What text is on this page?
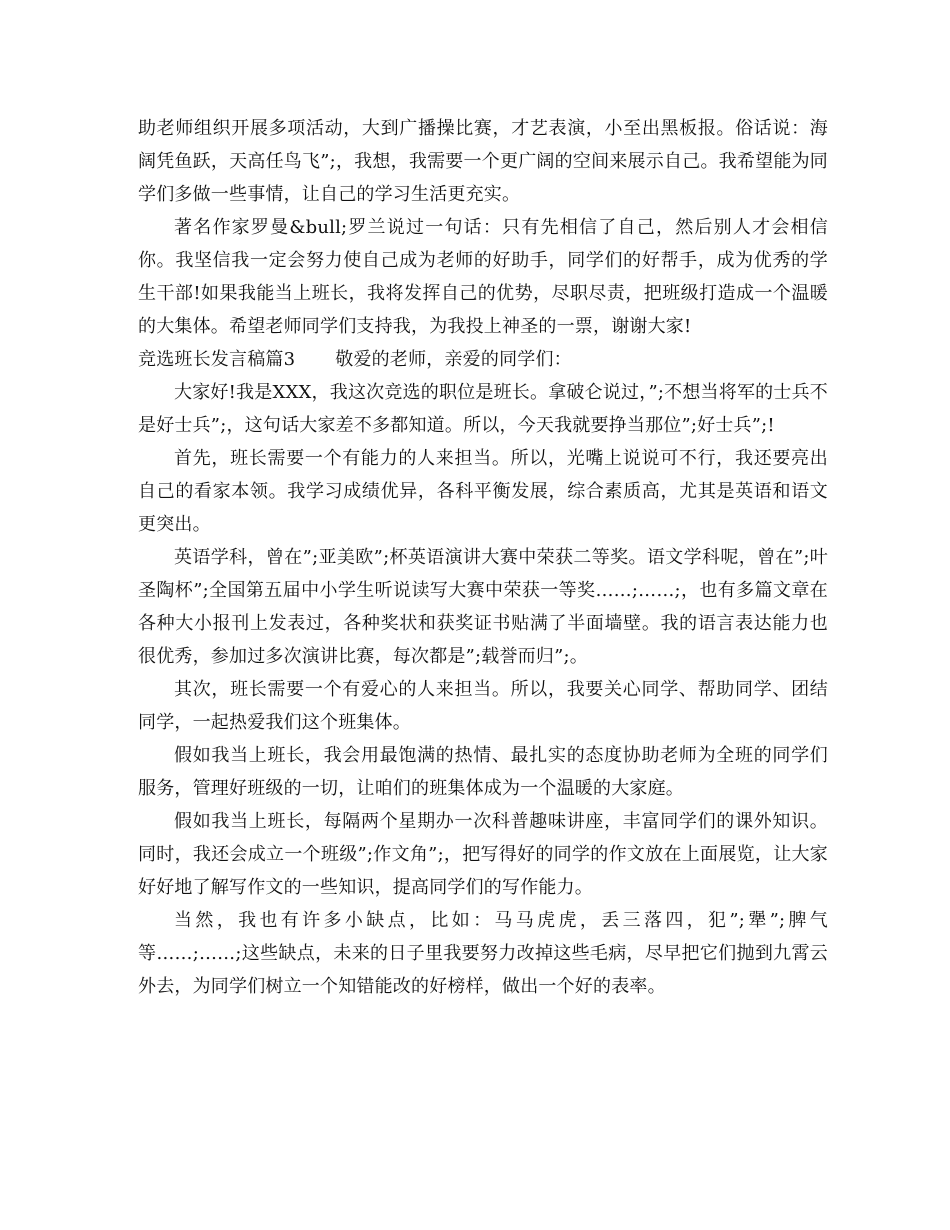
助老师组织开展多项活动，大到广播操比赛，才艺表演，小至出黑板报。俗话说：海阔凭鱼跃，天高任鸟飞”;，我想，我需要一个更广阔的空间来展示自己。我希望能为同学们多做一些事情，让自己的学习生活更充实。

著名作家罗曼&bull;罗兰说过一句话：只有先相信了自己，然后别人才会相信你。我坚信我一定会努力使自己成为老师的好助手，同学们的好帮手，成为优秀的学生干部!如果我能当上班长，我将发挥自己的优势，尽职尽责，把班级打造成一个温暖的大集体。希望老师同学们支持我，为我投上神圣的一票，谢谢大家!

竞选班长发言稿篇3 敬爱的老师，亲爱的同学们：

大家好!我是XXX，我这次竞选的职位是班长。拿破仑说过，”;不想当将军的士兵不是好士兵”;，这句话大家差不多都知道。所以，今天我就要挣当那位”;好士兵”;!

首先，班长需要一个有能力的人来担当。所以，光嘴上说说可不行，我还要亮出自己的看家本领。我学习成绩优异，各科平衡发展，综合素质高，尤其是英语和语文更突出。

英语学科，曾在”;亚美欧”;杯英语演讲大赛中荣获二等奖。语文学科呢，曾在”;叶圣陶杯”;全国第五届中小学生听说读写大赛中荣获一等奖……;……;，也有多篇文章在各种大小报刊上发表过，各种奖状和获奖证书贴满了半面墙壁。我的语言表达能力也很优秀，参加过多次演讲比赛，每次都是”;载誉而归”;。

其次，班长需要一个有爱心的人来担当。所以，我要关心同学、帮助同学、团结同学，一起热爱我们这个班集体。

假如我当上班长，我会用最饱满的热情、最扎实的态度协助老师为全班的同学们服务，管理好班级的一切，让咱们的班集体成为一个温暖的大家庭。

假如我当上班长，每隔两个星期办一次科普趣味讲座，丰富同学们的课外知识。同时，我还会成立一个班级”;作文角”;，把写得好的同学的作文放在上面展览，让大家好好地了解写作文的一些知识，提高同学们的写作能力。

当然，我也有许多小缺点，比如：马马虎虎，丢三落四，犯”;犟”;脾气等……;……;这些缺点，未来的日子里我要努力改掉这些毛病，尽早把它们抛到九霄云外去，为同学们树立一个知错能改的好榜样，做出一个好的表率。
